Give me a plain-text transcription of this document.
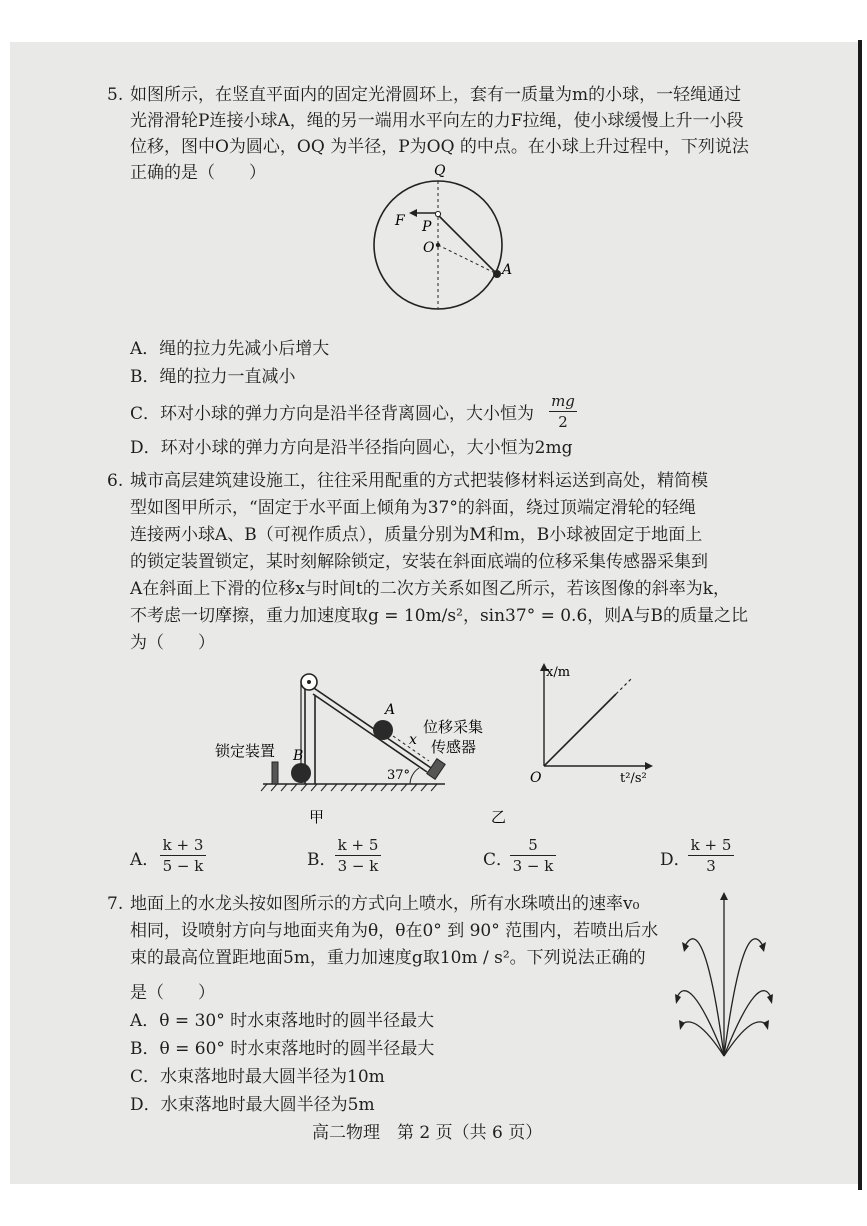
5. 如图所示，在竖直平面内的固定光滑圆环上，套有一质量为m的小球，一轻绳通过
光滑滑轮P连接小球A，绳的另一端用水平向左的力F拉绳，使小球缓慢上升一小段
位移，图中O为圆心，OQ 为半径，P为OQ 的中点。在小球上升过程中，下列说法
正确的是（　　）	Q
F P
O
A
A．绳的拉力先减小后增大
B．绳的拉力一直减小
C．环对小球的弹力方向是沿半径背离圆心，大小恒为
mg
2
D．环对小球的弹力方向是沿半径指向圆心，大小恒为2mg
6. 城市高层建筑建设施工，往往采用配重的方式把装修材料运送到高处，精简模
型如图甲所示，“固定于水平面上倾角为37°的斜面，绕过顶端定滑轮的轻绳
连接两小球A、B（可视作质点），质量分别为M和m，B小球被固定于地面上
的锁定装置锁定，某时刻解除锁定，安装在斜面底端的位移采集传感器采集到
A在斜面上下滑的位移x与时间t的二次方关系如图乙所示，若该图像的斜率为k，
不考虑一切摩擦，重力加速度取g = 10m/s²，sin37° = 0.6，则A与B的质量之比
为（　　）
锁定装置
位移采集
传感器
A
B
x
37°
甲
x/m
t²/s²
O
乙
A．
k + 3
5 − k	B．
k + 5
3 − k	C．
5
3 − k	D．
k + 5
3
7. 地面上的水龙头按如图所示的方式向上喷水，所有水珠喷出的速率v₀
相同，设喷射方向与地面夹角为θ，θ在0° 到 90° 范围内，若喷出后水
束的最高位置距地面5m，重力加速度g取10m / s²。下列说法正确的
是（　　）
A．θ = 30° 时水束落地时的圆半径最大
B．θ = 60° 时水束落地时的圆半径最大
C．水束落地时最大圆半径为10m
D．水束落地时最大圆半径为5m
高二物理　第 2 页（共 6 页）
